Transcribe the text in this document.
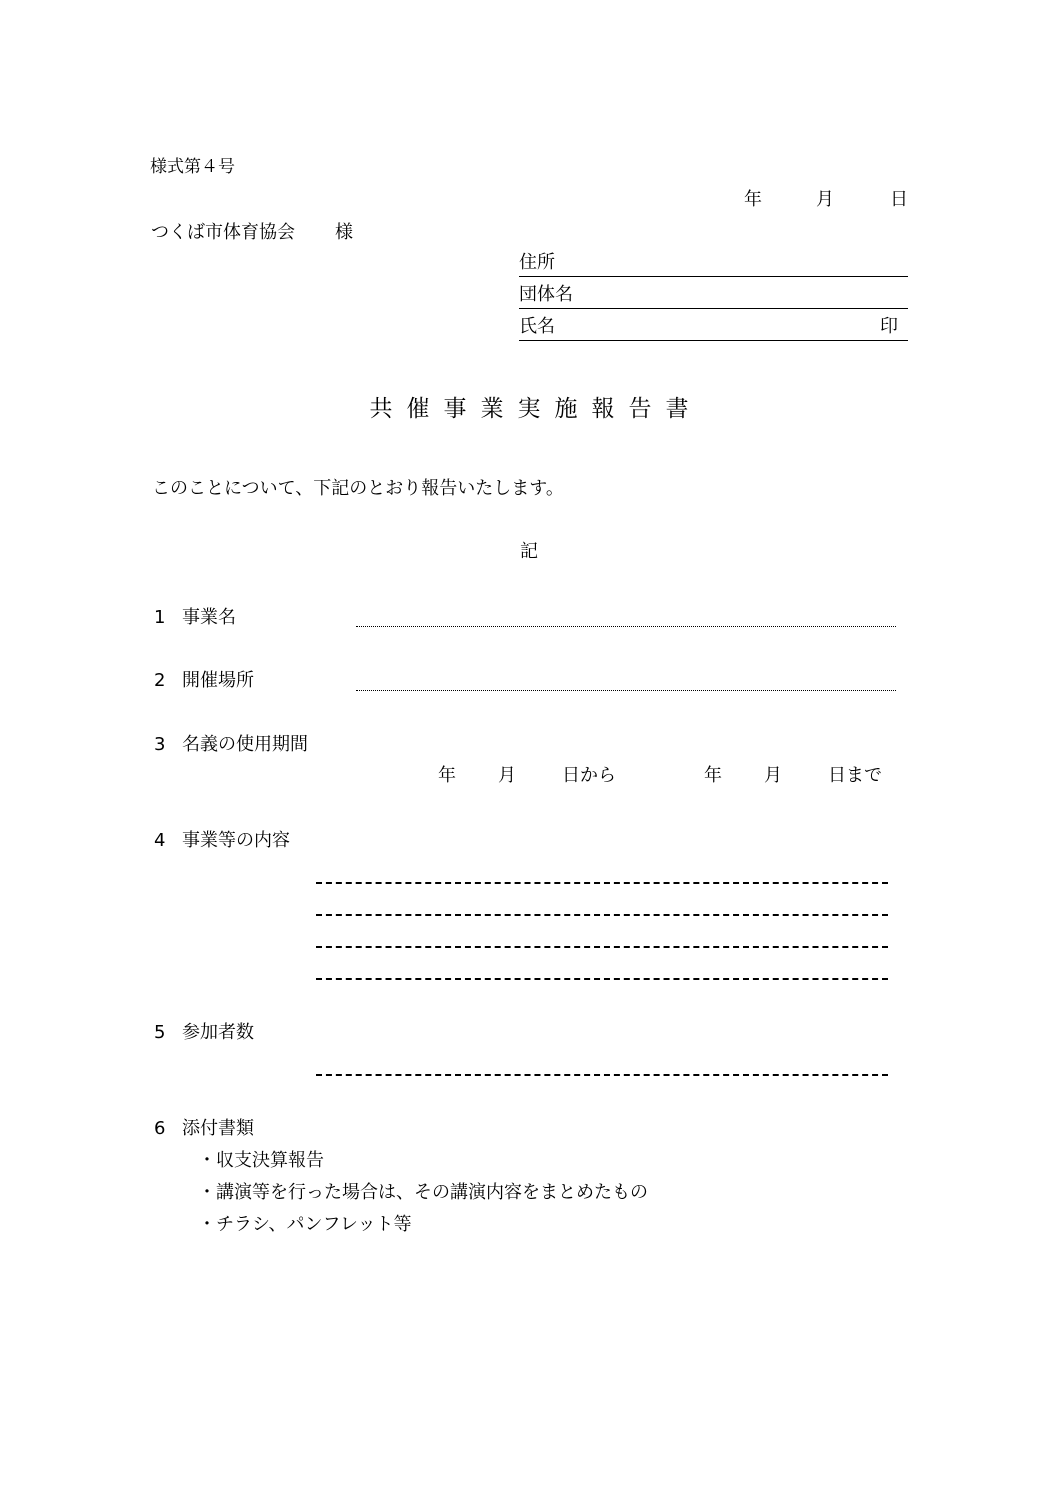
様式第４号
年	月	日
つくば市体育協会 様
住所
団体名
氏名	印
共催事業実施報告書
このことについて、下記のとおり報告いたします。
記
1 事業名
2 開催場所
3 名義の使用期間
年 月	日から	年 月	日まで
4 事業等の内容
5 参加者数
6 添付書類
・収支決算報告
・講演等を行った場合は、その講演内容をまとめたもの
・チラシ、パンフレット等
